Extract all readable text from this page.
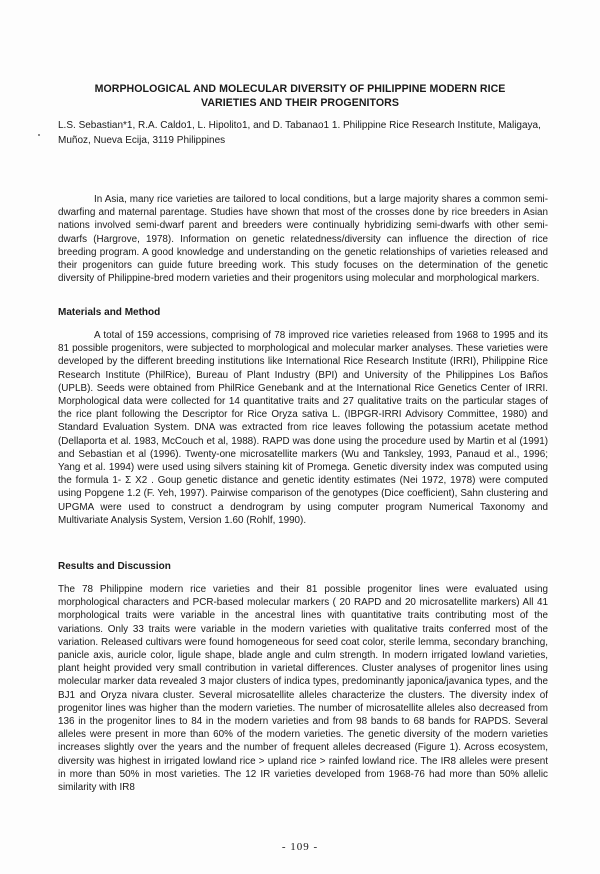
MORPHOLOGICAL AND MOLECULAR DIVERSITY OF PHILIPPINE MODERN RICE
VARIETIES AND THEIR PROGENITORS
L.S. Sebastian*1, R.A. Caldo1, L. Hipolito1, and D. Tabanao1 1. Philippine Rice Research Institute, Maligaya, Muñoz, Nueva Ecija, 3119 Philippines
In Asia, many rice varieties are tailored to local conditions, but a large majority shares a common semi-dwarfing and maternal parentage. Studies have shown that most of the crosses done by rice breeders in Asian nations involved semi-dwarf parent and breeders were continually hybridizing semi-dwarfs with other semi-dwarfs (Hargrove, 1978). Information on genetic relatedness/diversity can influence the direction of rice breeding program. A good knowledge and understanding on the genetic relationships of varieties released and their progenitors can guide future breeding work. This study focuses on the determination of the genetic diversity of Philippine-bred modern varieties and their progenitors using molecular and morphological markers.
Materials and Method
A total of 159 accessions, comprising of 78 improved rice varieties released from 1968 to 1995 and its 81 possible progenitors, were subjected to morphological and molecular marker analyses. These varieties were developed by the different breeding institutions like International Rice Research Institute (IRRI), Philippine Rice Research Institute (PhilRice), Bureau of Plant Industry (BPI) and University of the Philippines Los Baños (UPLB). Seeds were obtained from PhilRice Genebank and at the International Rice Genetics Center of IRRI. Morphological data were collected for 14 quantitative traits and 27 qualitative traits on the particular stages of the rice plant following the Descriptor for Rice Oryza sativa L. (IBPGR-IRRI Advisory Committee, 1980) and Standard Evaluation System. DNA was extracted from rice leaves following the potassium acetate method (Dellaporta et al. 1983, McCouch et al, 1988). RAPD was done using the procedure used by Martin et al (1991) and Sebastian et al (1996). Twenty-one microsatellite markers (Wu and Tanksley, 1993, Panaud et al., 1996; Yang et al. 1994) were used using silvers staining kit of Promega. Genetic diversity index was computed using the formula 1- Σ X2 . Goup genetic distance and genetic identity estimates (Nei 1972, 1978) were computed using Popgene 1.2 (F. Yeh, 1997). Pairwise comparison of the genotypes (Dice coefficient), Sahn clustering and UPGMA were used to construct a dendrogram by using computer program Numerical Taxonomy and Multivariate Analysis System, Version 1.60 (Rohlf, 1990).
Results and Discussion
The 78 Philippine modern rice varieties and their 81 possible progenitor lines were evaluated using morphological characters and PCR-based molecular markers ( 20 RAPD and 20 microsatellite markers) All 41 morphological traits were variable in the ancestral lines with quantitative traits contributing most of the variations. Only 33 traits were variable in the modern varieties with qualitative traits conferred most of the variation. Released cultivars were found homogeneous for seed coat color, sterile lemma, secondary branching, panicle axis, auricle color, ligule shape, blade angle and culm strength. In modern irrigated lowland varieties, plant height provided very small contribution in varietal differences. Cluster analyses of progenitor lines using molecular marker data revealed 3 major clusters of indica types, predominantly japonica/javanica types, and the BJ1 and Oryza nivara cluster. Several microsatellite alleles characterize the clusters. The diversity index of progenitor lines was higher than the modern varieties. The number of microsatellite alleles also decreased from 136 in the progenitor lines to 84 in the modern varieties and from 98 bands to 68 bands for RAPDS. Several alleles were present in more than 60% of the modern varieties. The genetic diversity of the modern varieties increases slightly over the years and the number of frequent alleles decreased (Figure 1). Across ecosystem, diversity was highest in irrigated lowland rice > upland rice > rainfed lowland rice. The IR8 alleles were present in more than 50% in most varieties. The 12 IR varieties developed from 1968-76 had more than 50% allelic similarity with IR8
- 109 -
